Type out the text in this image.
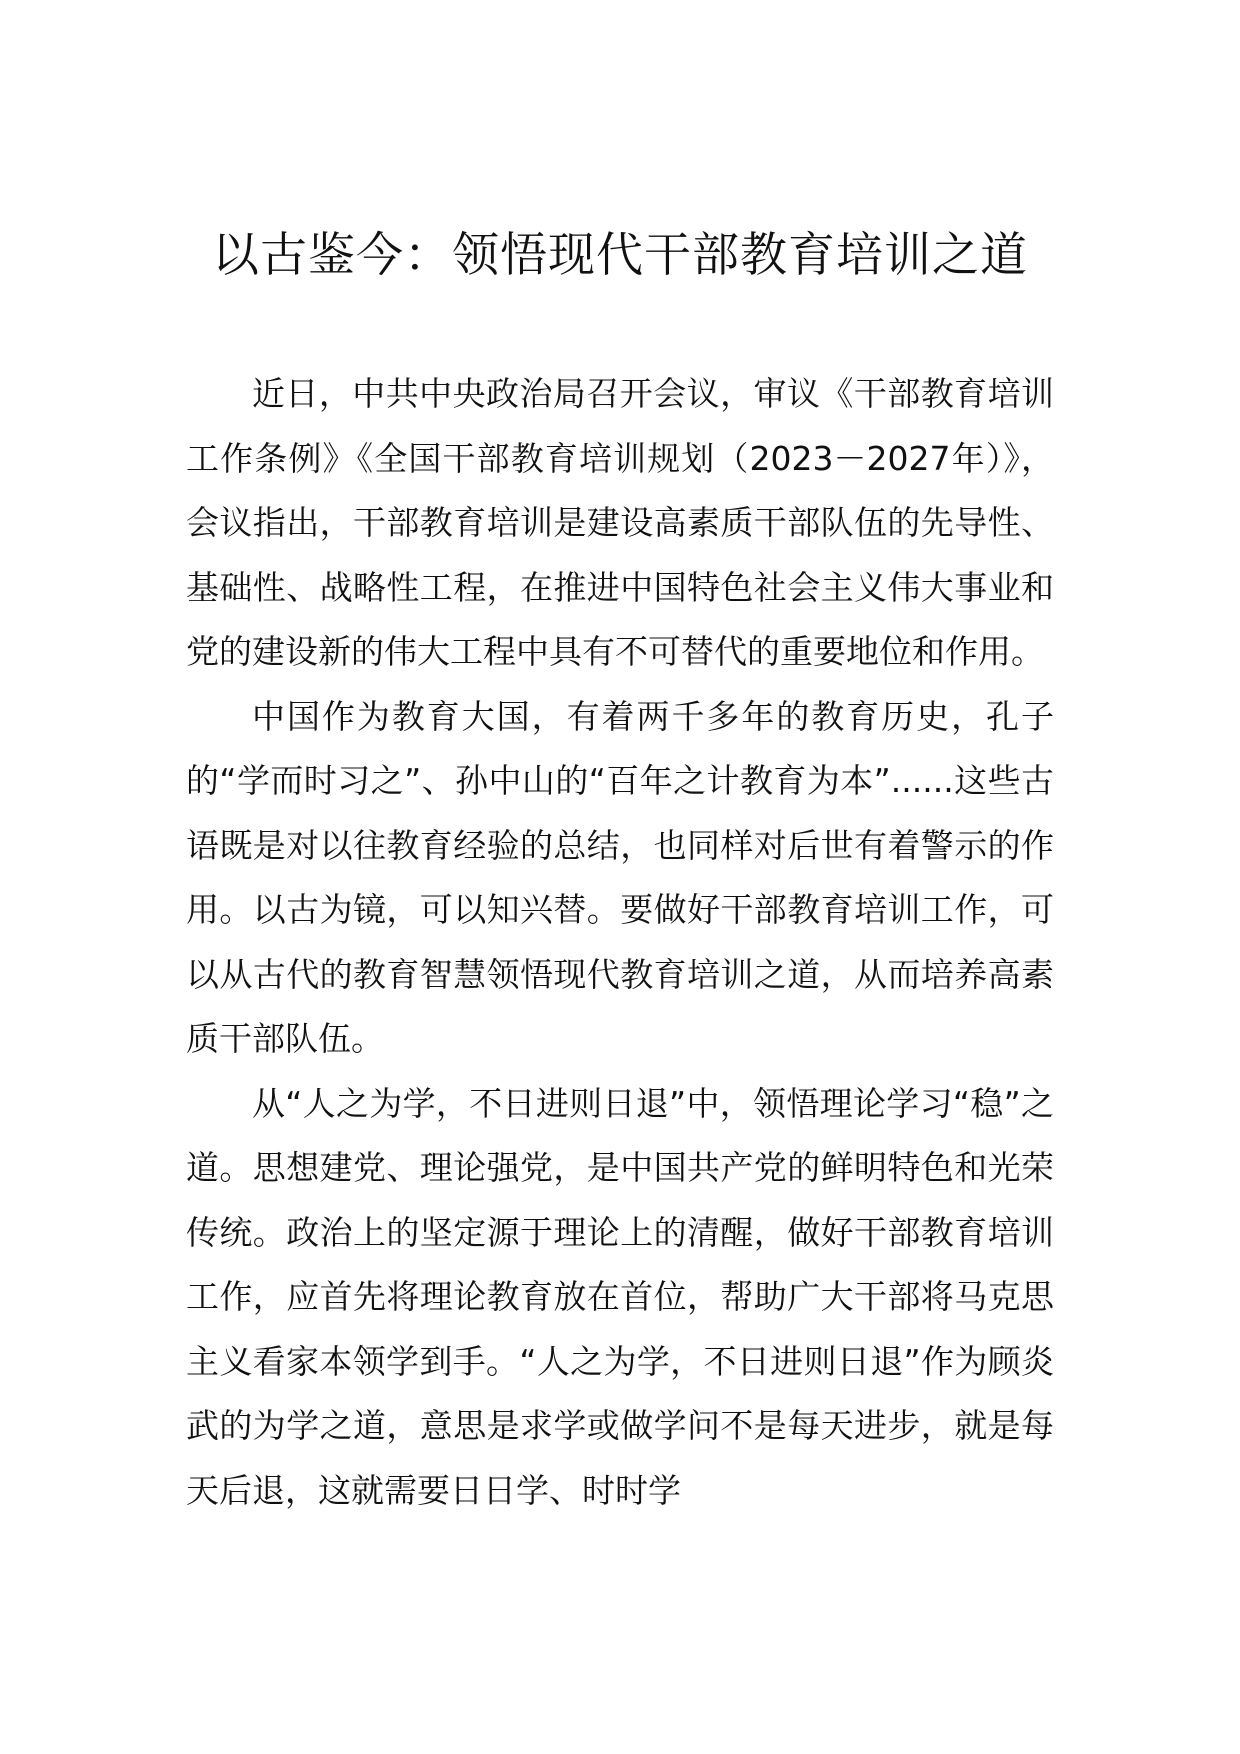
以古鉴今：领悟现代干部教育培训之道

近日，中共中央政治局召开会议，审议《干部教育培训工作条例》《全国干部教育培训规划（2023－2027年）》，会议指出，干部教育培训是建设高素质干部队伍的先导性、基础性、战略性工程，在推进中国特色社会主义伟大事业和党的建设新的伟大工程中具有不可替代的重要地位和作用。

中国作为教育大国，有着两千多年的教育历史，孔子的“学而时习之”、孙中山的“百年之计教育为本”......这些古语既是对以往教育经验的总结，也同样对后世有着警示的作用。以古为镜，可以知兴替。要做好干部教育培训工作，可以从古代的教育智慧领悟现代教育培训之道，从而培养高素质干部队伍。

从“人之为学，不日进则日退”中，领悟理论学习“稳”之道。思想建党、理论强党，是中国共产党的鲜明特色和光荣传统。政治上的坚定源于理论上的清醒，做好干部教育培训工作，应首先将理论教育放在首位，帮助广大干部将马克思主义看家本领学到手。“人之为学，不日进则日退”作为顾炎武的为学之道，意思是求学或做学问不是每天进步，就是每天后退，这就需要日日学、时时学
